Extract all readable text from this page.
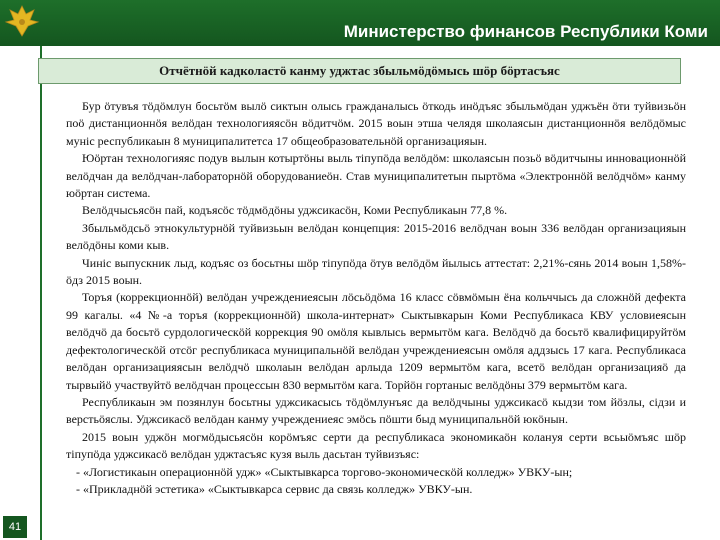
Министерство финансов Республики Коми
41
Отчётнӧй кадколастӧ канму уджтас збыльмӧдӧмысь шӧр бӧртасъяс

Бур ӧтувъя тӧдӧмлун босьтӧм вылӧ сиктын олысь гражданалысь ӧткодь инӧдъяс збыльмӧдан уджъён ӧти туйвизьӧн поӧ дистанционнӧя велӧдан технологияясӧн вӧдитчӧм. 2015 воын этша челядя школаясын дистанционнӧя велӧдӧмыс мунiс республикаын 8 муниципалитетса 17 общеобразовательнӧй организацияын.

Юӧртан технологияяс подув вылын котыртӧны выль тiпупӧда велӧдӧм: школаясын позьӧ вӧдитчыны инновационнӧй велӧдчан да велӧдчан-лабораторнӧй оборудованиеӧн. Став муниципалитетын пыртӧма «Электроннӧй велӧдчӧм» канму юӧртан система.

Велӧдчысьясӧн пай, кодъясӧс тӧдмӧдӧны уджсикасӧн, Коми Республикаын 77,8 %.

Збыльмӧдсьӧ этнокультурнӧй туйвизьын велӧдан концепция: 2015-2016 велӧдчан воын 336 велӧдан организацияын велӧдӧны коми кыв.

Чинiс выпускник лыд, кодъяс оз босьтны шӧр тiпупӧда ӧтув велӧдӧм йылысь аттестат: 2,21%-сянь 2014 воын 1,58%-ӧдз 2015 воын.

Торъя (коррекционнӧй) велӧдан учреждениеясын лӧсьӧдӧма 16 класс сӧвмӧмын ёна кольччысь да сложнӧй дефекта 99 кагалы. «4 №-а торъя (коррекционнӧй) школа-интернат» Сыктывкарын Коми Республикаса КВУ условиеясын велӧдчӧ да босьтӧ сурдологическӧй коррекция 90 омӧля кывлысь вермытӧм кага. Велӧдчӧ да босьтӧ квалифицируйтӧм дефектологическӧй отсӧг республикаса муниципальнӧй велӧдан учреждениеясын омӧля аддзысь 17 кага. Республикаса велӧдан организацияясын велӧдчӧ школаын велӧдан арлыда 1209 вермытӧм кага, всетӧ велӧдан организацияӧ да тырвыйӧ участвуйтӧ велӧдчан процессын 830 вермытӧм кага. Торйӧн гортаныс велӧдӧны 379 вермытӧм кага.

Республикаын эм позянлун босьтны уджсикасысь тӧдӧмлунъяс да велӧдчыны уджсикасӧ кыдзи том йӧзлы, сiдзи и верстьӧяслы. Уджсикасӧ велӧдан канму учреждениеяс эмӧсь пӧшти быд муниципальнӧй юкӧнын.

2015 воын уджӧн могмӧдысьясӧн корӧмъяс серти да республикаса экономикаӧн колануя серти всьыӧмъяс шӧр тiпупӧда уджсикасӧ велӧдан уджтасъяс кузя выль дасьтан туйвизъяс:

- «Логистикаын операционнӧй удж» «Сыктывкарса торгово-экономическӧй колледж» УВКУ-ын;

- «Прикладнӧй эстетика» «Сыктывкарса сервис да связь колледж» УВКУ-ын.
